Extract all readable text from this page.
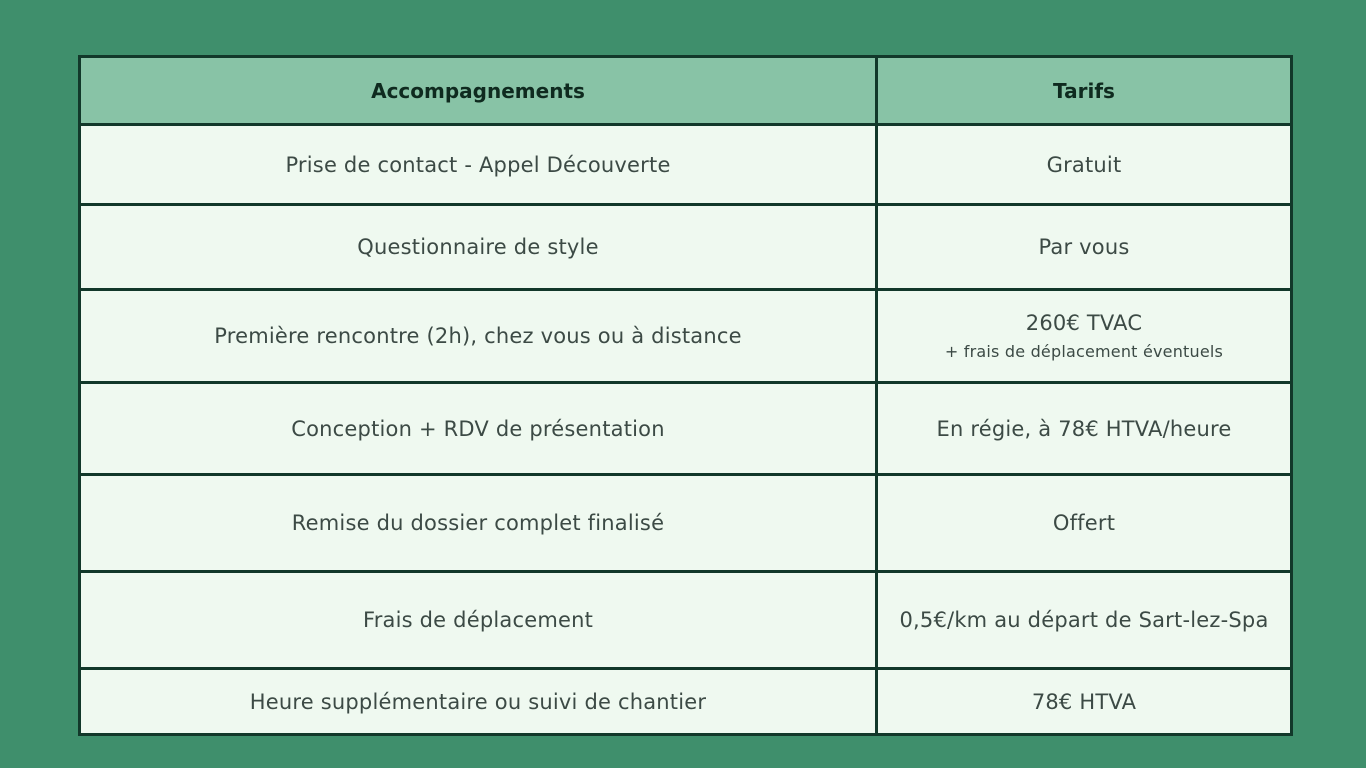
Accompagnements	Tarifs
Prise de contact - Appel Découverte	Gratuit
Questionnaire de style	Par vous
Première rencontre (2h), chez vous ou à distance	260€ TVAC
+ frais de déplacement éventuels

Conception + RDV de présentation	En régie, à 78€ HTVA/heure
Remise du dossier complet finalisé	Offert
Frais de déplacement	0,5€/km au départ de Sart-lez-Spa

Heure supplémentaire ou suivi de chantier	78€ HTVA
